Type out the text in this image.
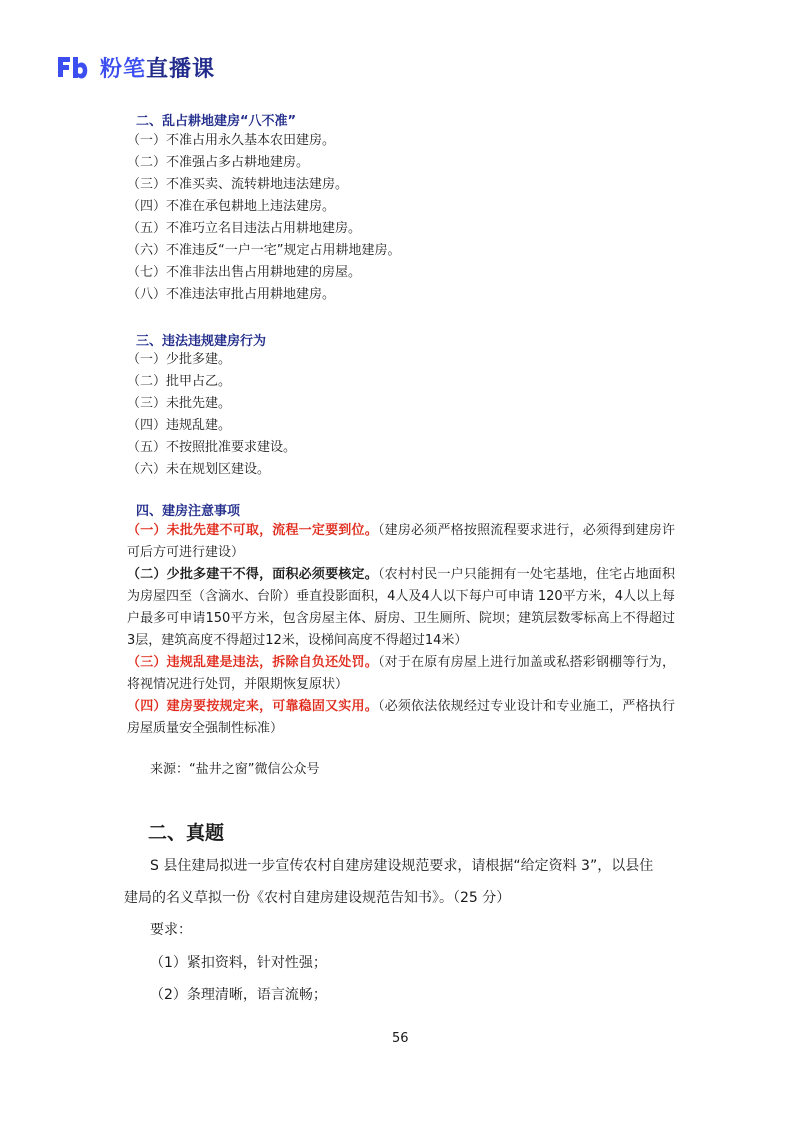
粉笔直播课
二、乱占耕地建房“八不准”
（一）不准占用永久基本农田建房。
（二）不准强占多占耕地建房。
（三）不准买卖、流转耕地违法建房。
（四）不准在承包耕地上违法建房。
（五）不准巧立名目违法占用耕地建房。
（六）不准违反“一户一宅”规定占用耕地建房。
（七）不准非法出售占用耕地建的房屋。
（八）不准违法审批占用耕地建房。
三、违法违规建房行为
（一）少批多建。
（二）批甲占乙。
（三）未批先建。
（四）违规乱建。
（五）不按照批准要求建设。
（六）未在规划区建设。
四、建房注意事项
（一）未批先建不可取，流程一定要到位。（建房必须严格按照流程要求进行，必须得到建房许可后方可进行建设）
（二）少批多建干不得，面积必须要核定。（农村村民一户只能拥有一处宅基地，住宅占地面积为房屋四至（含滴水、台阶）垂直投影面积，4人及4人以下每户可申请 120平方米，4人以上每户最多可申请150平方米，包含房屋主体、厨房、卫生厕所、院坝；建筑层数零标高上不得超过3层，建筑高度不得超过12米，设梯间高度不得超过14米）
（三）违规乱建是违法，拆除自负还处罚。（对于在原有房屋上进行加盖或私搭彩钢棚等行为，将视情况进行处罚，并限期恢复原状）
（四）建房要按规定来，可靠稳固又实用。（必须依法依规经过专业设计和专业施工，严格执行房屋质量安全强制性标准）
来源：“盐井之窗”微信公众号
二、真题
S 县住建局拟进一步宣传农村自建房建设规范要求，请根据“给定资料 3”，以县住
建局的名义草拟一份《农村自建房建设规范告知书》。（25 分）
要求：
（1）紧扣资料，针对性强；
（2）条理清晰，语言流畅；
56
